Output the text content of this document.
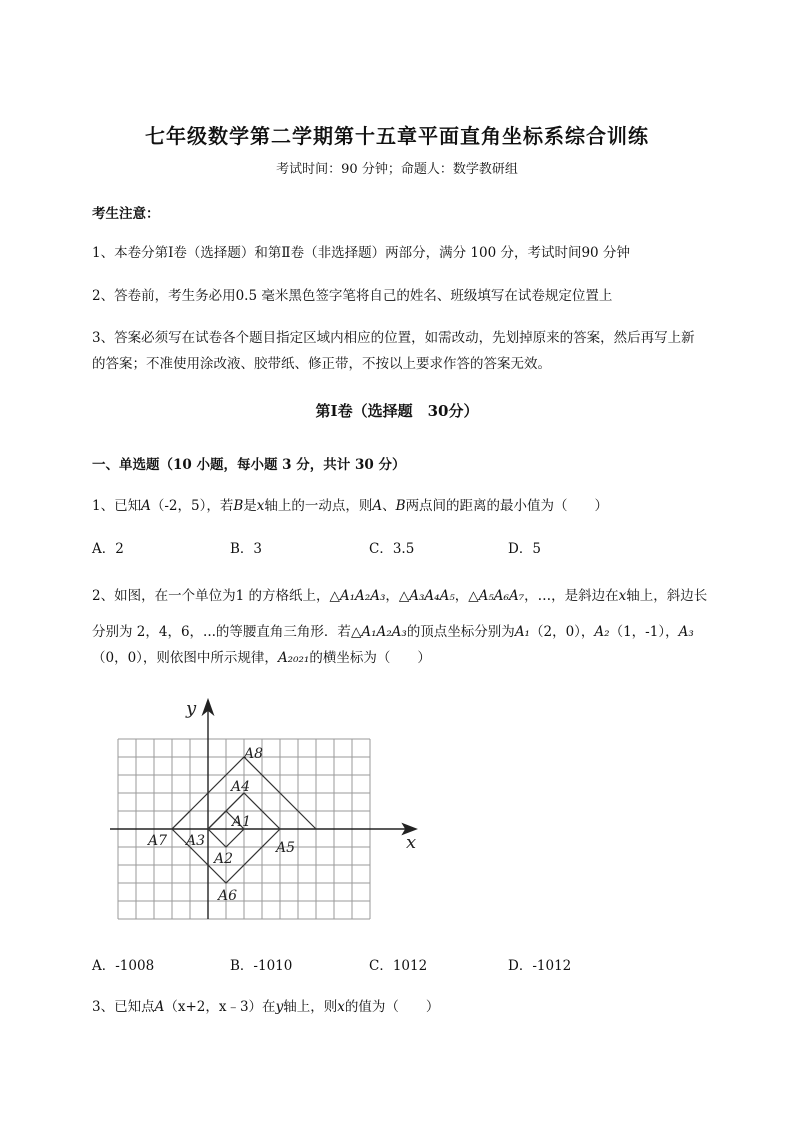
七年级数学第二学期第十五章平面直角坐标系综合训练
考试时间：90 分钟；命题人：数学教研组
考生注意：
1、本卷分第Ⅰ卷（选择题）和第Ⅱ卷（非选择题）两部分，满分 100 分，考试时间90 分钟
2、答卷前，考生务必用0.5 毫米黑色签字笔将自己的姓名、班级填写在试卷规定位置上
3、答案必须写在试卷各个题目指定区域内相应的位置，如需改动，先划掉原来的答案，然后再写上新
的答案；不准使用涂改液、胶带纸、修正带，不按以上要求作答的答案无效。
第Ⅰ卷（选择题　30分）
一、单选题（10 小题，每小题 3 分，共计 30 分）
1、已知A（-2，5），若B是x轴上的一动点，则A、B两点间的距离的最小值为（　　）
A．2	B．3	C．3.5	D．5
2、如图，在一个单位为1 的方格纸上，△A₁A₂A₃，△A₃A₄A₅，△A₅A₆A₇，…，是斜边在x轴上，斜边长
分别为 2，4，6，...的等腰直角三角形．若△A₁A₂A₃的顶点坐标分别为A₁（2，0），A₂（1，-1），A₃
（0，0），则依图中所示规律，A₂₀₂₁的横坐标为（　　）
x
y
A8
A4
A1
A7 A3
A2
A5
A6
A．-1008	B．-1010	C．1012	D．-1012
3、已知点A（x+2，x﹣3）在y轴上，则x的值为（　　）
